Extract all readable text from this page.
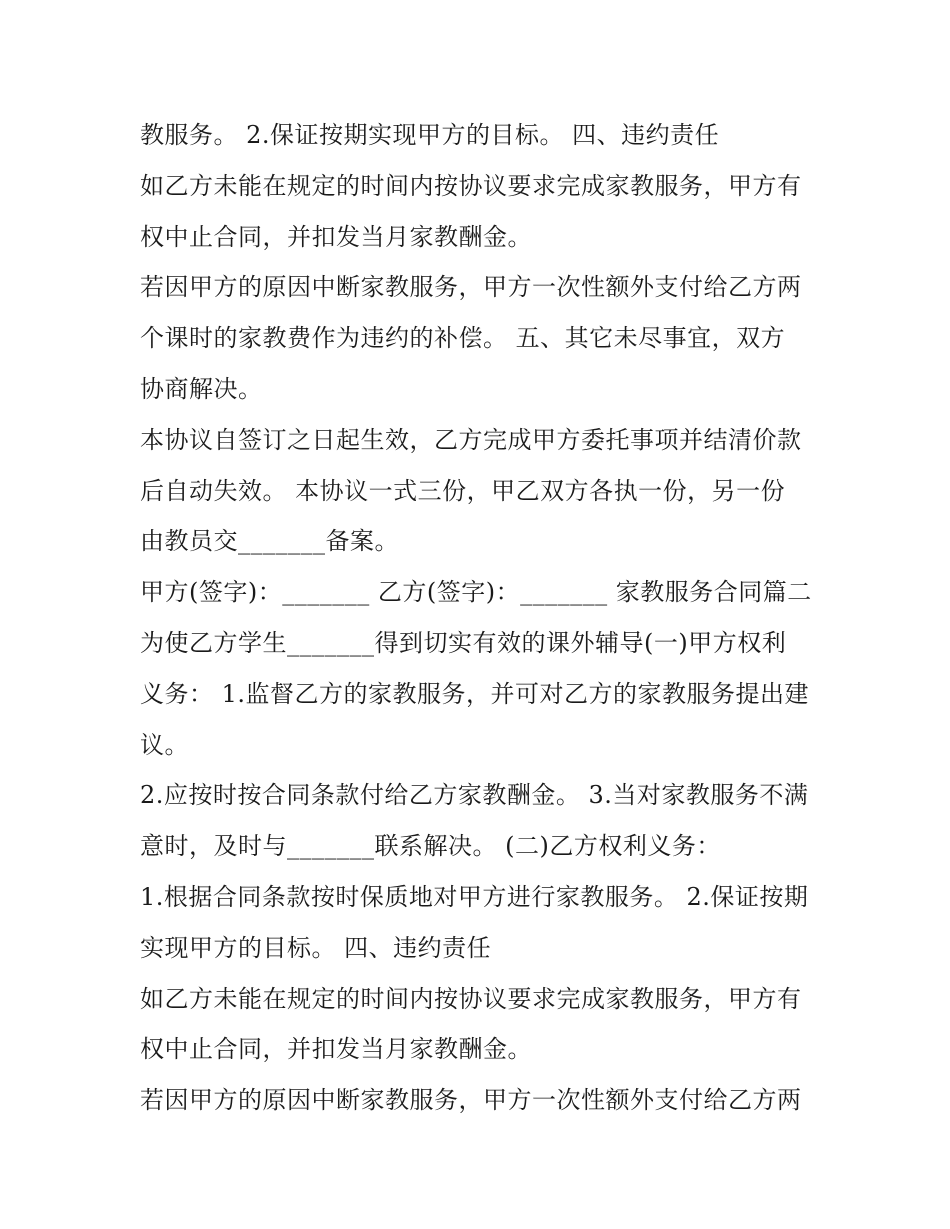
教服务。 2.保证按期实现甲方的目标。 四、违约责任
如乙方未能在规定的时间内按协议要求完成家教服务，甲方有
权中止合同，并扣发当月家教酬金。
若因甲方的原因中断家教服务，甲方一次性额外支付给乙方两
个课时的家教费作为违约的补偿。 五、其它未尽事宜，双方
协商解决。
本协议自签订之日起生效，乙方完成甲方委托事项并结清价款
后自动失效。 本协议一式三份，甲乙双方各执一份，另一份
由教员交_______备案。
甲方(签字)：_______ 乙方(签字)：_______ 家教服务合同篇二
为使乙方学生_______得到切实有效的课外辅导(一)甲方权利
义务： 1.监督乙方的家教服务，并可对乙方的家教服务提出建
议。
2.应按时按合同条款付给乙方家教酬金。 3.当对家教服务不满
意时，及时与_______联系解决。 (二)乙方权利义务：
1.根据合同条款按时保质地对甲方进行家教服务。 2.保证按期
实现甲方的目标。 四、违约责任
如乙方未能在规定的时间内按协议要求完成家教服务，甲方有
权中止合同，并扣发当月家教酬金。
若因甲方的原因中断家教服务，甲方一次性额外支付给乙方两
